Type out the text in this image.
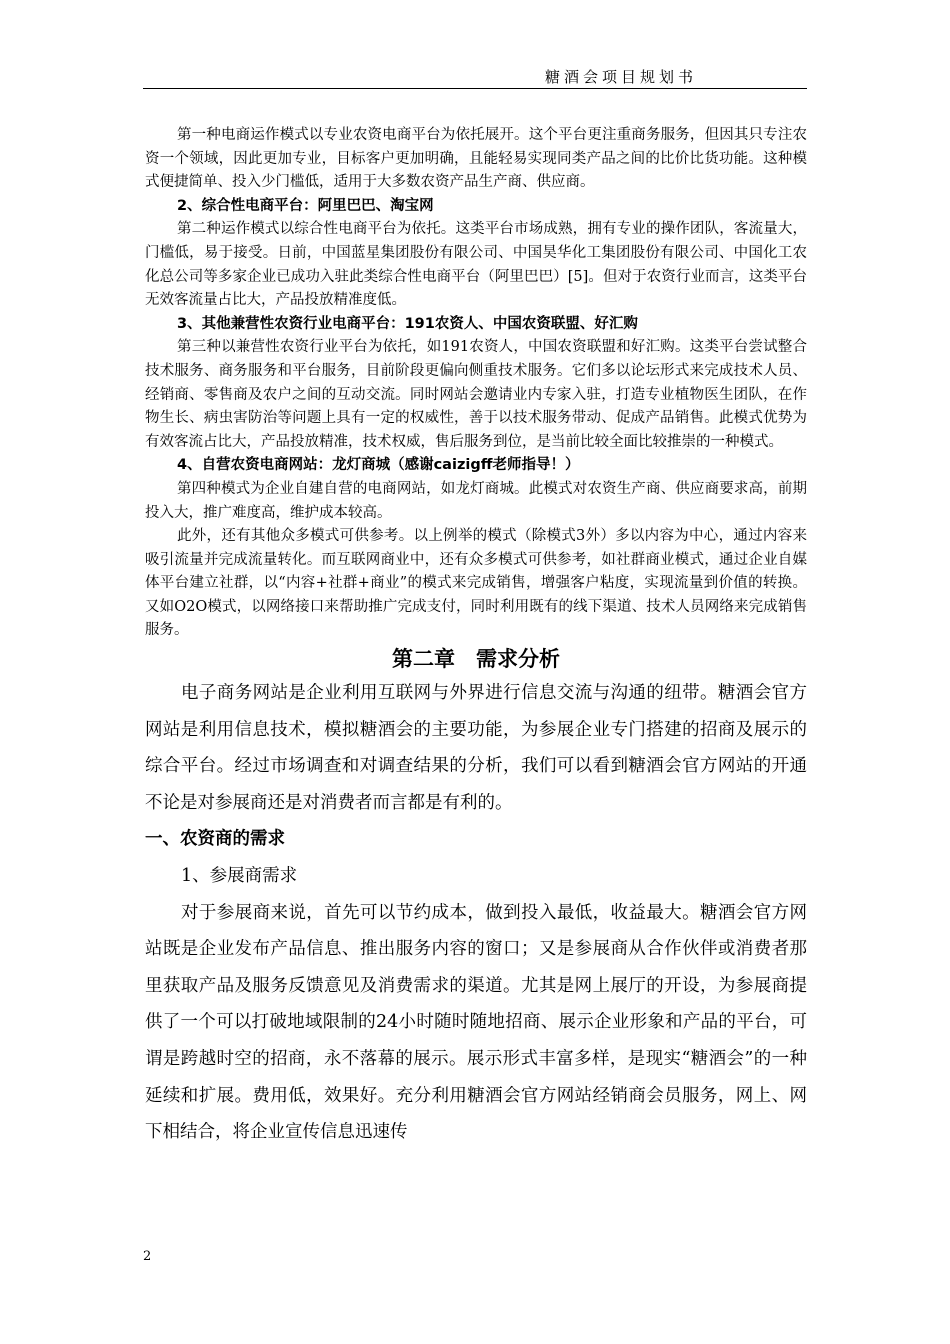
糖酒会项目规划书

第一种电商运作模式以专业农资电商平台为依托展开。这个平台更注重商务服务，但因其只专注农资一个领域，因此更加专业，目标客户更加明确，且能轻易实现同类产品之间的比价比货功能。这种模式便捷简单、投入少门槛低，适用于大多数农资产品生产商、供应商。

2、综合性电商平台：阿里巴巴、淘宝网

第二种运作模式以综合性电商平台为依托。这类平台市场成熟，拥有专业的操作团队，客流量大，门槛低，易于接受。日前，中国蓝星集团股份有限公司、中国昊华化工集团股份有限公司、中国化工农化总公司等多家企业已成功入驻此类综合性电商平台（阿里巴巴）[5]。但对于农资行业而言，这类平台无效客流量占比大，产品投放精准度低。

3、其他兼营性农资行业电商平台：191农资人、中国农资联盟、好汇购

第三种以兼营性农资行业平台为依托，如191农资人，中国农资联盟和好汇购。这类平台尝试整合技术服务、商务服务和平台服务，目前阶段更偏向侧重技术服务。它们多以论坛形式来完成技术人员、经销商、零售商及农户之间的互动交流。同时网站会邀请业内专家入驻，打造专业植物医生团队，在作物生长、病虫害防治等问题上具有一定的权威性，善于以技术服务带动、促成产品销售。此模式优势为有效客流占比大，产品投放精准，技术权威，售后服务到位，是当前比较全面比较推崇的一种模式。

4、自营农资电商网站：龙灯商城（感谢caizigff老师指导！）

第四种模式为企业自建自营的电商网站，如龙灯商城。此模式对农资生产商、供应商要求高，前期投入大，推广难度高，维护成本较高。

此外，还有其他众多模式可供参考。以上例举的模式（除模式3外）多以内容为中心，通过内容来吸引流量并完成流量转化。而互联网商业中，还有众多模式可供参考，如社群商业模式，通过企业自媒体平台建立社群，以“内容+社群+商业”的模式来完成销售，增强客户粘度，实现流量到价值的转换。又如O2O模式，以网络接口来帮助推广完成支付，同时利用既有的线下渠道、技术人员网络来完成销售服务。

第二章　需求分析

电子商务网站是企业利用互联网与外界进行信息交流与沟通的纽带。糖酒会官方网站是利用信息技术，模拟糖酒会的主要功能，为参展企业专门搭建的招商及展示的综合平台。经过市场调查和对调查结果的分析，我们可以看到糖酒会官方网站的开通不论是对参展商还是对消费者而言都是有利的。

一、农资商的需求

1、参展商需求

对于参展商来说，首先可以节约成本，做到投入最低，收益最大。糖酒会官方网站既是企业发布产品信息、推出服务内容的窗口；又是参展商从合作伙伴或消费者那里获取产品及服务反馈意见及消费需求的渠道。尤其是网上展厅的开设，为参展商提供了一个可以打破地域限制的24小时随时随地招商、展示企业形象和产品的平台，可谓是跨越时空的招商，永不落幕的展示。展示形式丰富多样，是现实“糖酒会”的一种延续和扩展。费用低，效果好。充分利用糖酒会官方网站经销商会员服务，网上、网下相结合，将企业宣传信息迅速传

2
